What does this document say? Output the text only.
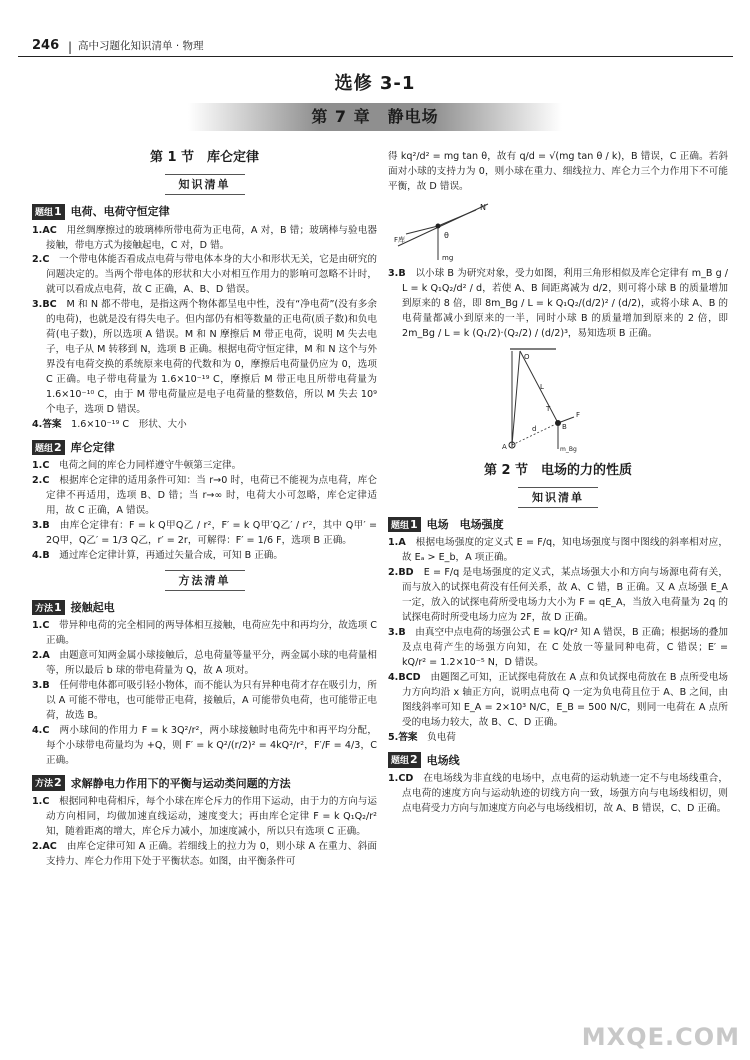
246 | 高中习题化知识清单 · 物理
选修 3-1
第 7 章　静电场
第 1 节　库仑定律
知识清单
题组1 电荷、电荷守恒定律

1.AC　 用丝绸摩擦过的玻璃棒所带电荷为正电荷，A 对，B 错；玻璃棒与验电器接触，带电方式为接触起电，C 对，D 错。

2.C　 一个带电体能否看成点电荷与带电体本身的大小和形状无关，它是由研究的问题决定的。当两个带电体的形状和大小对相互作用力的影响可忽略不计时，就可以看成点电荷，故 C 正确，A、B、D 错误。

3.BC　 M 和 N 都不带电，是指这两个物体都呈电中性，没有“净电荷”(没有多余的电荷)，也就是没有得失电子。但内部仍有相等数量的正电荷(质子数)和负电荷(电子数)，所以选项 A 错误。M 和 N 摩擦后 M 带正电荷，说明 M 失去电子，电子从 M 转移到 N，选项 B 正确。根据电荷守恒定律，M 和 N 这个与外界没有电荷交换的系统原来电荷的代数和为 0，摩擦后电荷量仍应为 0，选项 C 正确。电子带电荷量为 1.6×10⁻¹⁹ C，摩擦后 M 带正电且所带电荷量为 1.6×10⁻¹⁰ C，由于 M 带电荷量应是电子电荷量的整数倍，所以 M 失去 10⁹ 个电子，选项 D 错误。

4.答案　 1.6×10⁻¹⁹ C　形状、大小

题组2 库仑定律

1.C　 电荷之间的库仑力同样遵守牛顿第三定律。

2.C　 根据库仑定律的适用条件可知：当 r→0 时，电荷已不能视为点电荷，库仑定律不再适用，选项 B、D 错；当 r→∞ 时，电荷大小可忽略，库仑定律适用，故 C 正确，A 错误。

3.B　 由库仑定律有：F = k Q甲Q乙 / r²，F′ = k Q甲′Q乙′ / r′²，其中 Q甲′ = 2Q甲，Q乙′ = 1/3 Q乙，r′ = 2r，可解得：F′ = 1/6 F，选项 B 正确。

4.B　 通过库仑定律计算，再通过矢量合成，可知 B 正确。

方法清单
方法1 接触起电

1.C　 带异种电荷的完全相同的两导体相互接触，电荷应先中和再均分，故选项 C 正确。

2.A　 由题意可知两金属小球接触后，总电荷量等量平分，两金属小球的电荷量相等，所以最后 b 球的带电荷量为 Q，故 A 项对。

3.B　 任何带电体都可吸引轻小物体，而不能认为只有异种电荷才存在吸引力，所以 A 可能不带电，也可能带正电荷，接触后，A 可能带负电荷，也可能带正电荷，故选 B。

4.C　 两小球间的作用力 F = k 3Q²/r²，两小球接触时电荷先中和再平均分配，每个小球带电荷量均为 +Q，则 F′ = k Q²/(r/2)² = 4kQ²/r²，F′/F = 4/3，C 正确。

方法2 求解静电力作用下的平衡与运动类问题的方法

1.C　 根据同种电荷相斥，每个小球在库仑斥力的作用下运动，由于力的方向与运动方向相同，均做加速直线运动，速度变大；再由库仑定律 F = k Q₁Q₂/r² 知，随着距离的增大，库仑斥力减小，加速度减小，所以只有选项 C 正确。

2.AC　 由库仑定律可知 A 正确。若细线上的拉力为 0，则小球 A 在重力、斜面支持力、库仑力作用下处于平衡状态。如图，由平衡条件可

得 kq²/d² = mg tan θ，故有 q/d = √(mg tan θ / k)，B 错误，C 正确。若斜面对小球的支持力为 0，则小球在重力、细线拉力、库仑力三个力作用下不可能平衡，故 D 错误。

N
θ
F库
mg

3.B　 以小球 B 为研究对象，受力如图，利用三角形相似及库仑定律有 m_B g / L = k Q₁Q₂/d² / d，若使 A、B 间距离减为 d/2，则可将小球 B 的质量增加到原来的 8 倍，即 8m_Bg / L = k Q₁Q₂/(d/2)² / (d/2)，或将小球 A、B 的电荷量都减小到原来的一半，同时小球 B 的质量增加到原来的 2 倍，即 2m_Bg / L = k (Q₁/2)·(Q₂/2) / (d/2)³，易知选项 B 正确。

O
L
T
d
A
B
F
m_Bg
第 2 节　电场的力的性质
知识清单
题组1 电场　电场强度

1.A　 根据电场强度的定义式 E = F/q，知电场强度与图中图线的斜率相对应，故 Eₐ > E_b，A 项正确。

2.BD　 E = F/q 是电场强度的定义式，某点场强大小和方向与场源电荷有关，而与放入的试探电荷没有任何关系，故 A、C 错，B 正确。又 A 点场强 E_A 一定，放入的试探电荷所受电场力大小为 F = qE_A，当放入电荷量为 2q 的试探电荷时所受电场力应为 2F，故 D 正确。

3.B　 由真空中点电荷的场强公式 E = kQ/r² 知 A 错误，B 正确；根据场的叠加及点电荷产生的场强方向知，在 C 处放一等量同种电荷，C 错误；E′ = kQ/r² = 1.2×10⁻⁵ N，D 错误。

4.BCD　 由题图乙可知，正试探电荷放在 A 点和负试探电荷放在 B 点所受电场力方向均沿 x 轴正方向，说明点电荷 Q 一定为负电荷且位于 A、B 之间，由图线斜率可知 E_A = 2×10³ N/C，E_B = 500 N/C，则同一电荷在 A 点所受的电场力较大，故 B、C、D 正确。

5.答案　 负电荷

题组2 电场线

1.CD　 在电场线为非直线的电场中，点电荷的运动轨迹一定不与电场线重合，点电荷的速度方向与运动轨迹的切线方向一致，场强方向与电场线相切，则点电荷受力方向与加速度方向必与电场线相切，故 A、B 错误，C、D 正确。

MXQE.COM
